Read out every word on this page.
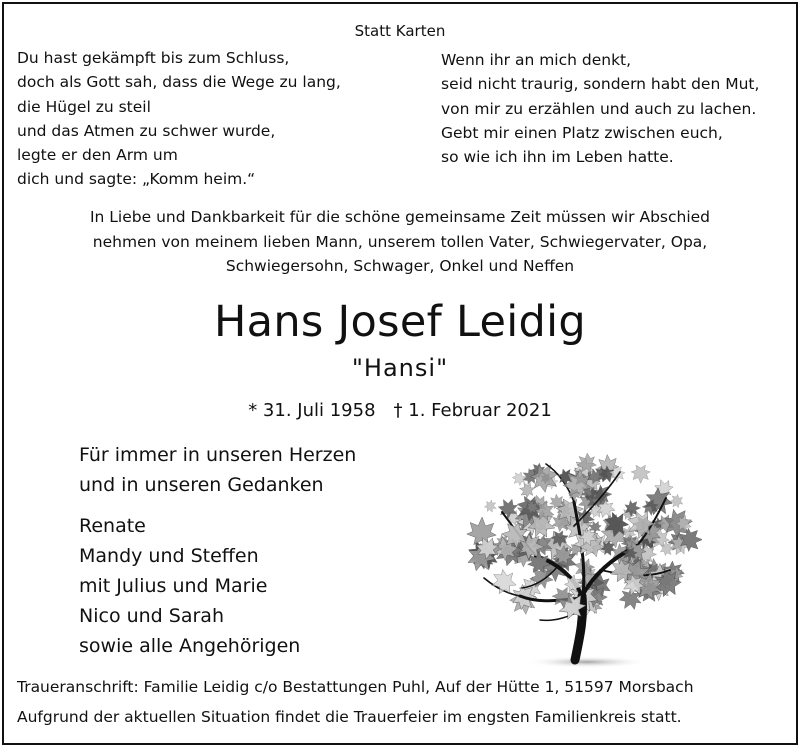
Statt Karten

Du hast gekämpft bis zum Schluss,
doch als Gott sah, dass die Wege zu lang,
die Hügel zu steil
und das Atmen zu schwer wurde,
legte er den Arm um
dich und sagte: „Komm heim.“
Wenn ihr an mich denkt,
seid nicht traurig, sondern habt den Mut,
von mir zu erzählen und auch zu lachen.
Gebt mir einen Platz zwischen euch,
so wie ich ihn im Leben hatte.
In Liebe und Dankbarkeit für die schöne gemeinsame Zeit müssen wir Abschied
nehmen von meinem lieben Mann, unserem tollen Vater, Schwiegervater, Opa,
Schwiegersohn, Schwager, Onkel und Neffen

Hans Josef Leidig

"Hansi"

* 31. Juli 1958 † 1. Februar 2021

Für immer in unseren Herzen
und in unseren Gedanken
Renate
Mandy und Steffen
mit Julius und Marie
Nico und Sarah
sowie alle Angehörigen

Traueranschrift: Familie Leidig c/o Bestattungen Puhl, Auf der Hütte 1, 51597 Morsbach

Aufgrund der aktuellen Situation findet die Trauerfeier im engsten Familienkreis statt.
